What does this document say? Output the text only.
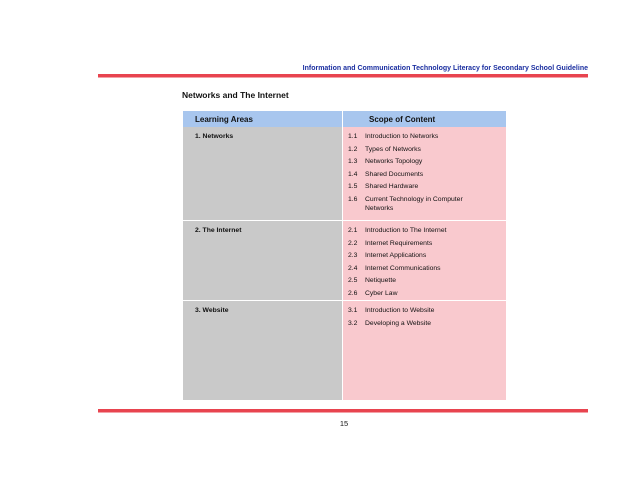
Information and Communication Technology Literacy for Secondary School Guideline
Networks and The Internet
Learning Areas	Scope of Content
1. Networks	1.1	Introduction to Networks
1.2	Types of Networks
1.3	Networks Topology
1.4	Shared Documents
1.5	Shared Hardware
1.6	Current Technology in Computer Networks
2. The Internet	2.1	Introduction to The Internet
2.2	Internet Requirements
2.3	Internet Applications
2.4	Internet Communications
2.5	Netiquette
2.6	Cyber Law
3. Website	3.1	Introduction to Website
3.2	Developing a Website
15
